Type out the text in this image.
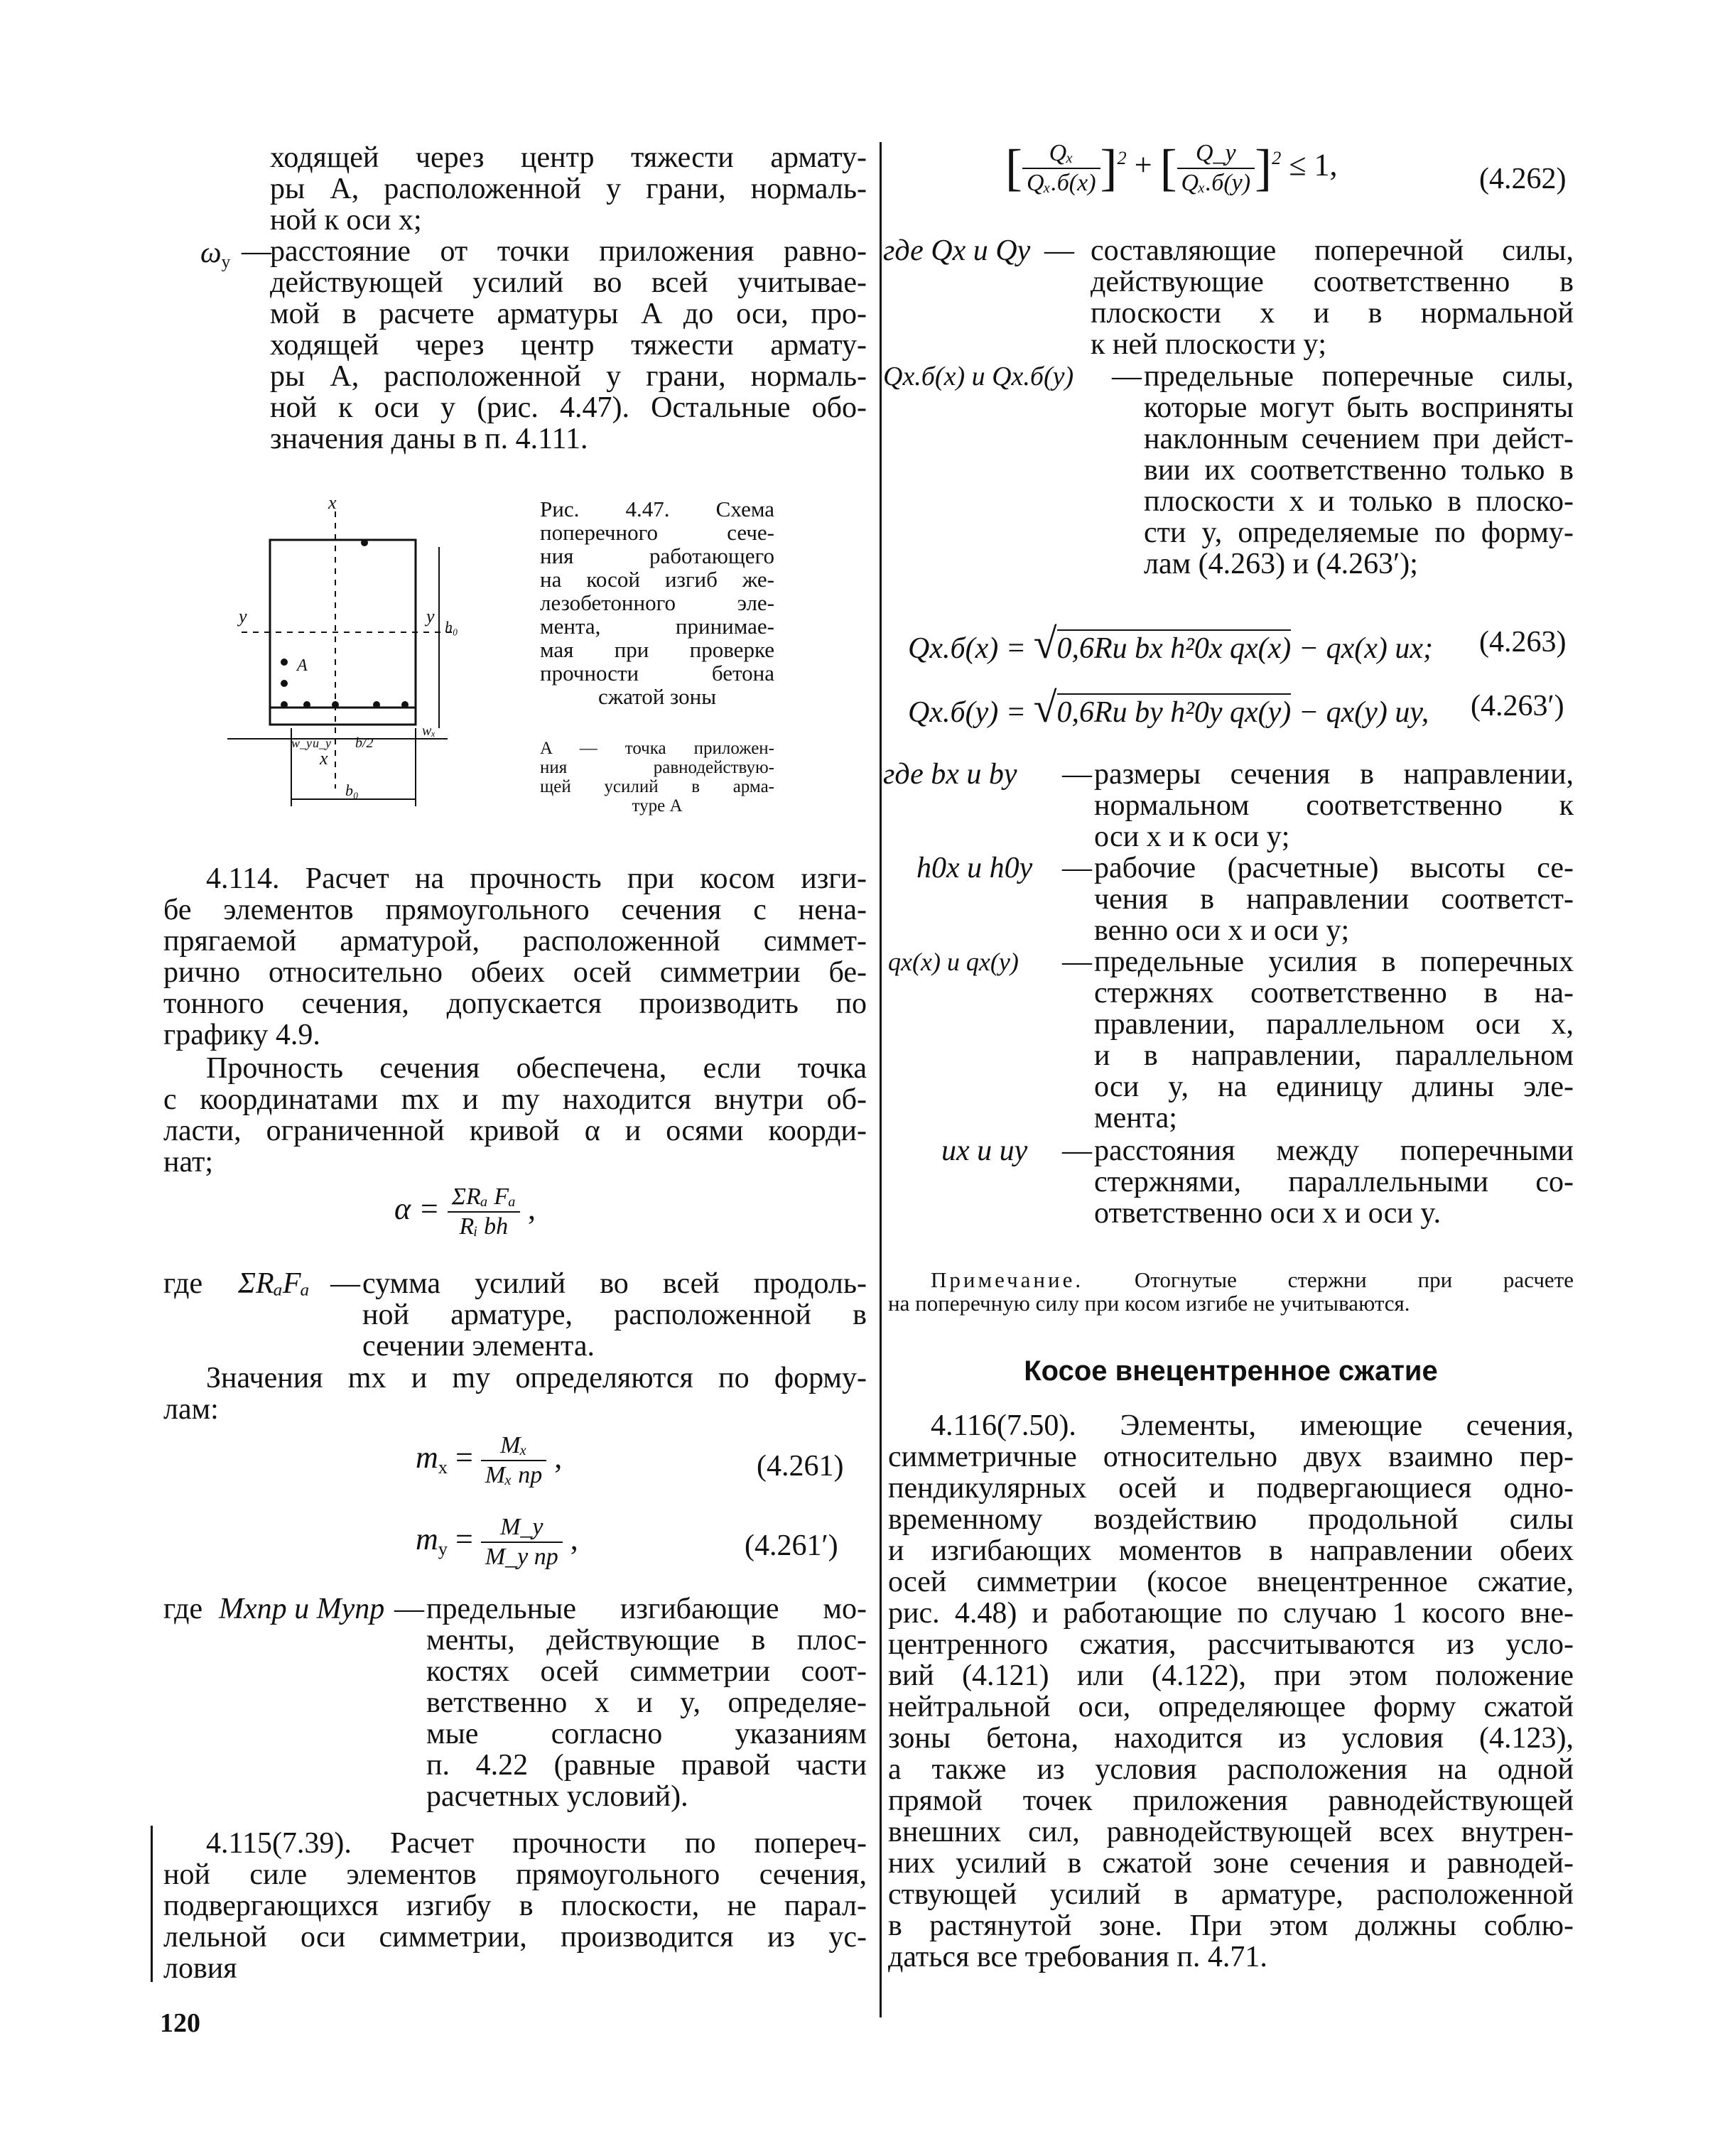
ходящей через центр тяжести армату-
ры A, расположенной у грани, нормаль-
ной к оси x;
$\omega_y$ —
расстояние от точки приложения равно-
действующей усилий во всей учитывае-
мой в расчете арматуры A до оси, про-
ходящей через центр тяжести армату-
ры A, расположенной у грани, нормаль-
ной к оси y (рис. 4.47). Остальные обо-
значения даны в п. 4.111.
x
x
y	y
A
h₀
wₓ
w_y u_y b/2
b₀
Рис. 4.47. Схема
поперечного сече-
ния работающего
на косой изгиб же-
лезобетонного эле-
мента, принимае-
мая при проверке
прочности бетона
сжатой зоны
A — точка приложен-
ния равнодействую-
щей усилий в арма-
туре A
4.114. Расчет на прочность при косом изги-
бе элементов прямоугольного сечения с нена-
прягаемой арматурой, расположенной симмет-
рично относительно обеих осей симметрии бе-
тонного сечения, допускается производить по
графику 4.9.
Прочность сечения обеспечена, если точка
с координатами mx и my находится внутри об-
ласти, ограниченной кривой α и осями коорди-
нат;
$\alpha = \frac{\text{ΣRₐ Fₐ}}{\text{Rᵢ bh}}$ ,
где ΣRₐFₐ — сумма усилий во всей продоль-
ной арматуре, расположенной в
сечении элемента.
Значения mx и my определяются по форму-
лам:
$m_x = \frac{\text{Mₓ}}{\text{Mₓ пр}}$ ,	(4.261)
$m_y = \frac{M\_y}{\text{M\_y пр}}$ ,	(4.261′)
где Mxпр и Myпр — предельные изгибающие мо-
менты, действующие в плос-
костях осей симметрии соот-
ветственно x и y, определяе-
мые согласно указаниям
п. 4.22 (равные правой части
расчетных условий).
4.115(7.39). Расчет прочности по попереч-
ной силе элементов прямоугольного сечения,
подвергающихся изгибу в плоскости, не парал-
лельной оси симметрии, производится из ус-
ловия
120
[ $\frac{\text{Qₓ}}{\text{Qₓ.б(x)}} ]^2$ + [ $\frac{Q\_y}{\text{Qₓ.б(y)}} ]^2 \le 1$,	(4.262)
где Qx и Qy — составляющие поперечной силы,
действующие соответственно в
плоскости x и в нормальной
к ней плоскости y;
Qх.б(x) и Qх.б(y) — предельные поперечные силы,
которые могут быть восприняты
наклонным сечением при дейст-
вии их соответственно только в
плоскости x и только в плоско-
сти y, определяемые по форму-
лам (4.263) и (4.263′);
Qх.б(x) = √0,6Rи bx h²0x qх(x) − qх(x) ux; (4.263)
Qх.б(y) = √0,6Rи by h²0y qх(y) − qх(y) uy, (4.263′)
где bx и by — размеры сечения в направлении,
нормальном соответственно к
оси x и к оси y;
h0x и h0y — рабочие (расчетные) высоты се-
чения в направлении соответст-
венно оси x и оси y;
qх(x) и qх(y) — предельные усилия в поперечных
стержнях соответственно в на-
правлении, параллельном оси x,
и в направлении, параллельном
оси y, на единицу длины эле-
мента;
ux и uy — расстояния между поперечными
стержнями, параллельными со-
ответственно оси x и оси y.
Примечание. Отогнутые стержни при расчете
на поперечную силу при косом изгибе не учитываются.
Косое внецентренное сжатие
4.116(7.50). Элементы, имеющие сечения,
симметричные относительно двух взаимно пер-
пендикулярных осей и подвергающиеся одно-
временному воздействию продольной силы
и изгибающих моментов в направлении обеих
осей симметрии (косое внецентренное сжатие,
рис. 4.48) и работающие по случаю 1 косого вне-
центренного сжатия, рассчитываются из усло-
вий (4.121) или (4.122), при этом положение
нейтральной оси, определяющее форму сжатой
зоны бетона, находится из условия (4.123),
а также из условия расположения на одной
прямой точек приложения равнодействующей
внешних сил, равнодействующей всех внутрен-
них усилий в сжатой зоне сечения и равнодей-
ствующей усилий в арматуре, расположенной
в растянутой зоне. При этом должны соблю-
даться все требования п. 4.71.
